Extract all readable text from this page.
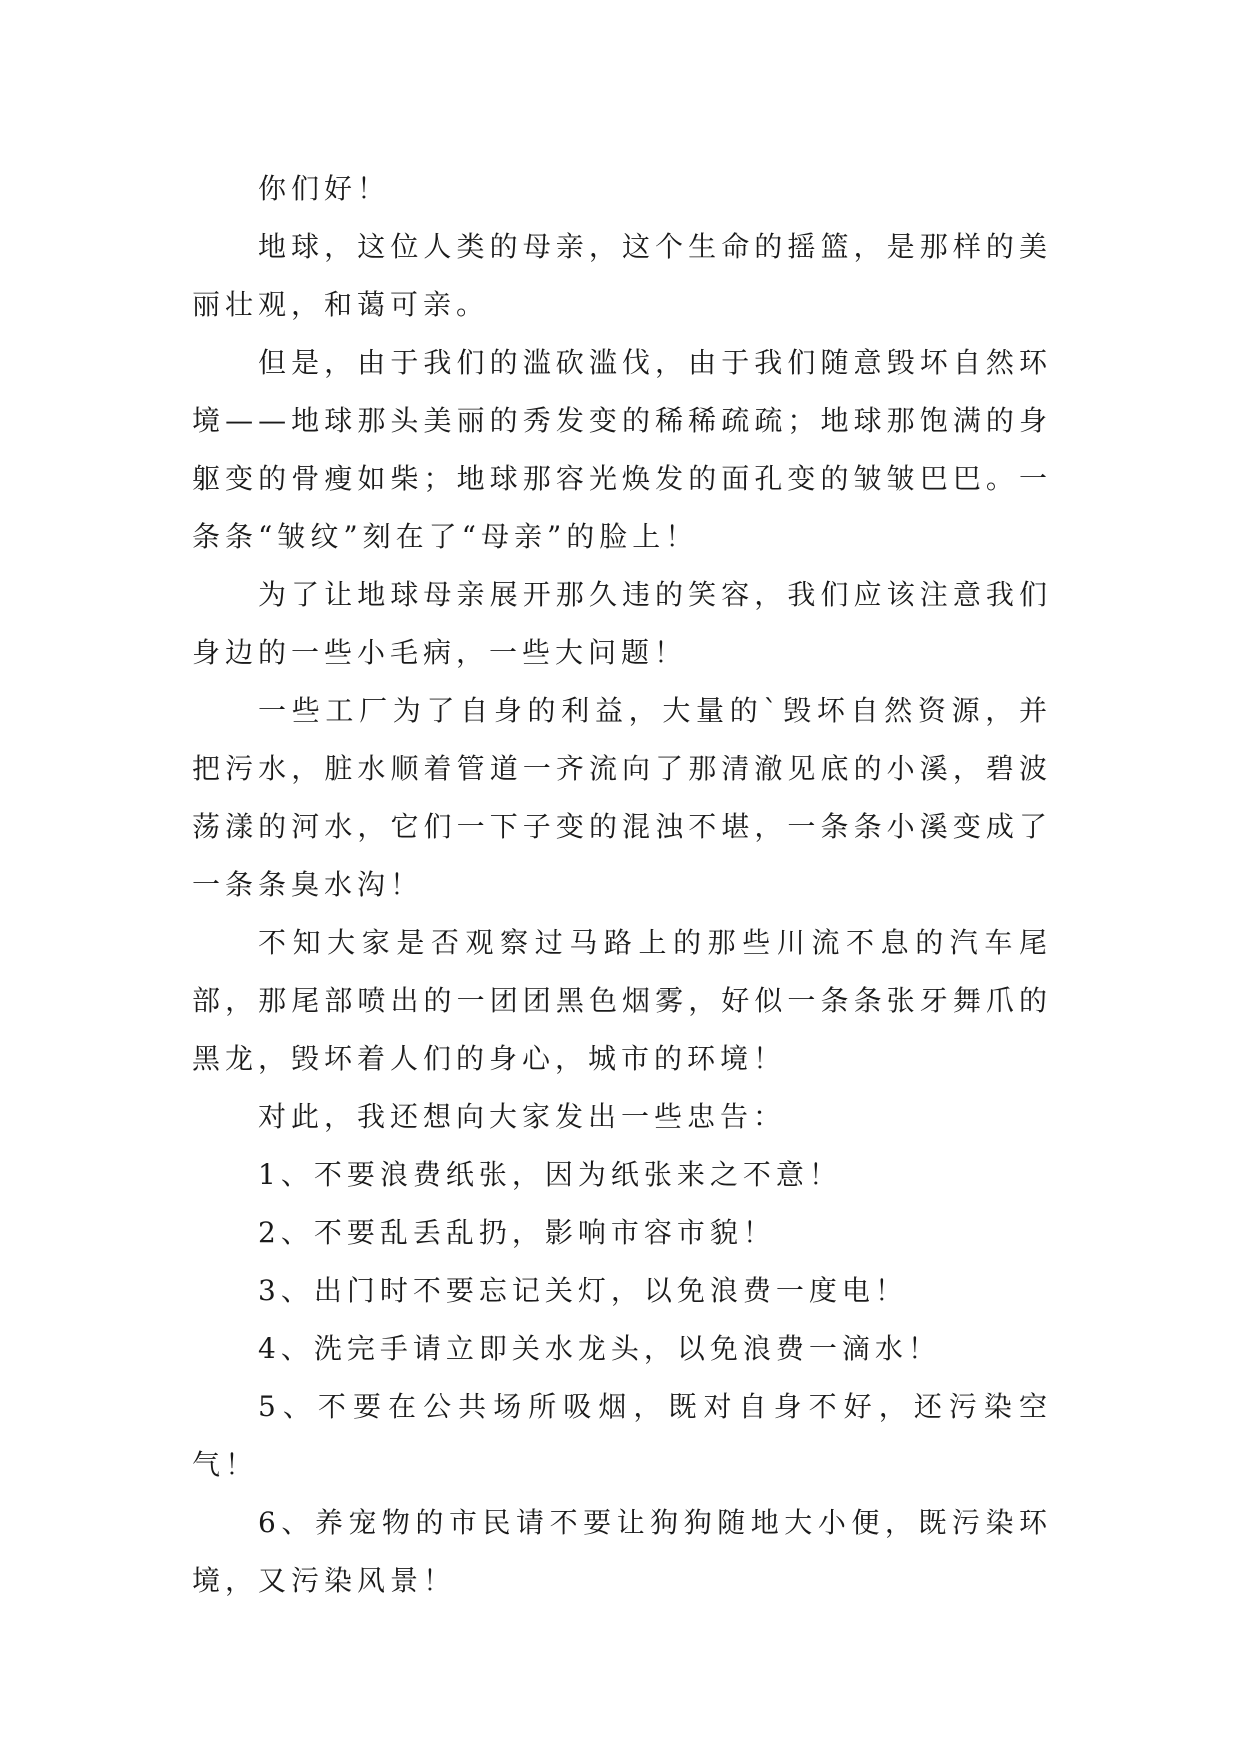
你们好！

地球，这位人类的母亲，这个生命的摇篮，是那样的美丽壮观，和蔼可亲。

但是，由于我们的滥砍滥伐，由于我们随意毁坏自然环境——地球那头美丽的秀发变的稀稀疏疏；地球那饱满的身躯变的骨瘦如柴；地球那容光焕发的面孔变的皱皱巴巴。一条条“皱纹”刻在了“母亲”的脸上！

为了让地球母亲展开那久违的笑容，我们应该注意我们身边的一些小毛病，一些大问题！

一些工厂为了自身的利益，大量的`毁坏自然资源，并把污水，脏水顺着管道一齐流向了那清澈见底的小溪，碧波荡漾的河水，它们一下子变的混浊不堪，一条条小溪变成了一条条臭水沟！

不知大家是否观察过马路上的那些川流不息的汽车尾部，那尾部喷出的一团团黑色烟雾，好似一条条张牙舞爪的黑龙，毁坏着人们的身心，城市的环境！

对此，我还想向大家发出一些忠告：

1、不要浪费纸张，因为纸张来之不意！

2、不要乱丢乱扔，影响市容市貌！

3、出门时不要忘记关灯，以免浪费一度电！

4、洗完手请立即关水龙头，以免浪费一滴水！

5、不要在公共场所吸烟，既对自身不好，还污染空气！

6、养宠物的市民请不要让狗狗随地大小便，既污染环境，又污染风景！
